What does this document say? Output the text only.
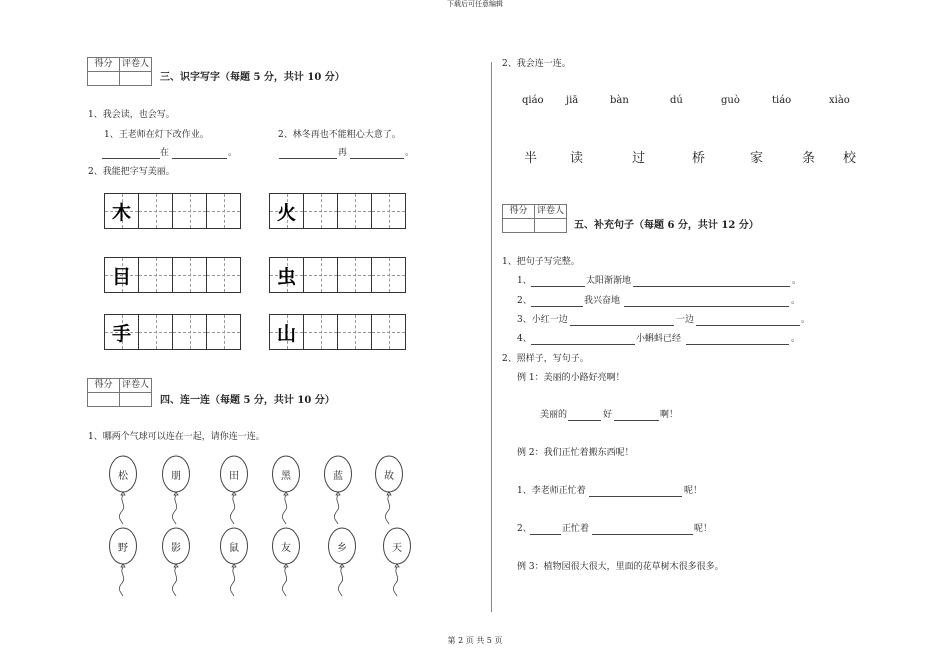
下载后可任意编辑
第 2 页 共 5 页
得分	评卷人
三、识字写字（每题 5 分，共计 10 分）
1、我会读，也会写。
1、王老师在灯下改作业。	2、林冬再也不能粗心大意了。
在	。	再	。
2、我能把字写美丽。
木	火
目	虫
手	山
得分	评卷人
四、连一连（每题 5 分，共计 10 分）
1、哪两个气球可以连在一起，请你连一连。
松	朋	田	黑	蓝	故
野	影	鼠	友	乡	天
2、我会连一连。
qiáo jiā	bàn	dú	guò	tiáo	xiào
半	读	过	桥	家	条 校
得分	评卷人
五、补充句子（每题 6 分，共计 12 分）
1、把句子写完整。
1、	太阳渐渐地	。
2、	我兴奋地	。
3、小红一边	一边	。
4、	小蝌蚪已经	。
2、照样子，写句子。
例 1：美丽的小路好亮啊！
美丽的	好	啊！
例 2：我们正忙着搬东西呢！
1、李老师正忙着	呢！
2、	正忙着	呢！
例 3：植物园很大很大，里面的花草树木很多很多。
